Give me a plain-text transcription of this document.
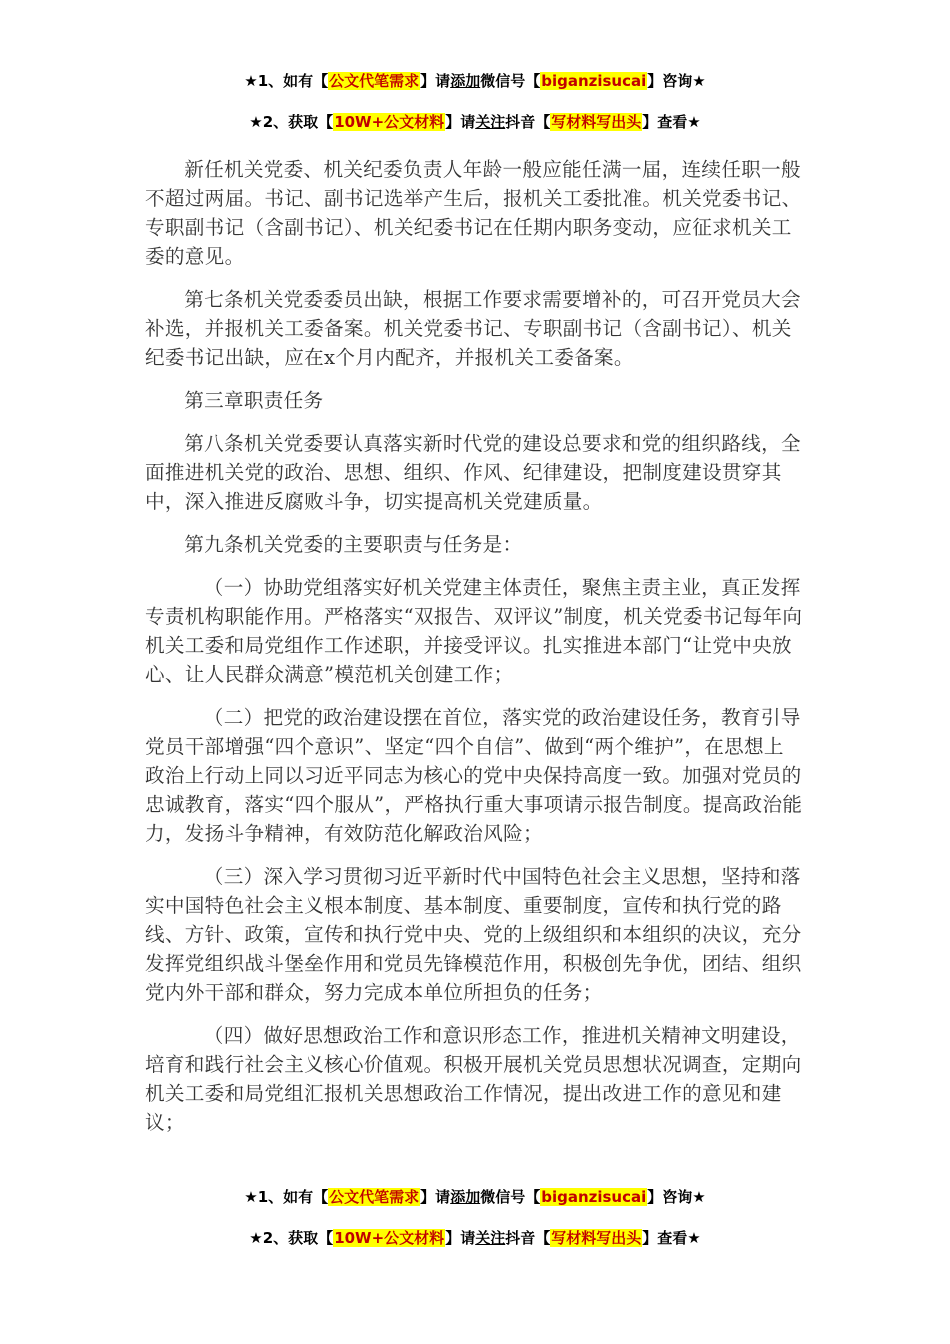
★1、如有【公文代笔需求】请添加微信号【biganzisucai】咨询★
★2、获取【10W+公文材料】请关注抖音【写材料写出头】查看★

新任机关党委、机关纪委负责人年龄一般应能任满一届，连续任职一般不超过两届。书记、副书记选举产生后，报机关工委批准。机关党委书记、专职副书记（含副书记）、机关纪委书记在任期内职务变动，应征求机关工委的意见。

第七条机关党委委员出缺，根据工作要求需要增补的，可召开党员大会补选，并报机关工委备案。机关党委书记、专职副书记（含副书记）、机关纪委书记出缺，应在x个月内配齐，并报机关工委备案。

第三章职责任务

第八条机关党委要认真落实新时代党的建设总要求和党的组织路线，全面推进机关党的政治、思想、组织、作风、纪律建设，把制度建设贯穿其中，深入推进反腐败斗争，切实提高机关党建质量。

第九条机关党委的主要职责与任务是：

（一）协助党组落实好机关党建主体责任，聚焦主责主业，真正发挥专责机构职能作用。严格落实“双报告、双评议”制度，机关党委书记每年向机关工委和局党组作工作述职，并接受评议。扎实推进本部门“让党中央放心、让人民群众满意”模范机关创建工作；

（二）把党的政治建设摆在首位，落实党的政治建设任务，教育引导党员干部增强“四个意识”、坚定“四个自信”、做到“两个维护”，在思想上政治上行动上同以习近平同志为核心的党中央保持高度一致。加强对党员的忠诚教育，落实“四个服从”，严格执行重大事项请示报告制度。提高政治能力，发扬斗争精神，有效防范化解政治风险；

（三）深入学习贯彻习近平新时代中国特色社会主义思想，坚持和落实中国特色社会主义根本制度、基本制度、重要制度，宣传和执行党的路线、方针、政策，宣传和执行党中央、党的上级组织和本组织的决议，充分发挥党组织战斗堡垒作用和党员先锋模范作用，积极创先争优，团结、组织党内外干部和群众，努力完成本单位所担负的任务；

（四）做好思想政治工作和意识形态工作，推进机关精神文明建设，培育和践行社会主义核心价值观。积极开展机关党员思想状况调查，定期向机关工委和局党组汇报机关思想政治工作情况，提出改进工作的意见和建议；

★1、如有【公文代笔需求】请添加微信号【biganzisucai】咨询★
★2、获取【10W+公文材料】请关注抖音【写材料写出头】查看★
